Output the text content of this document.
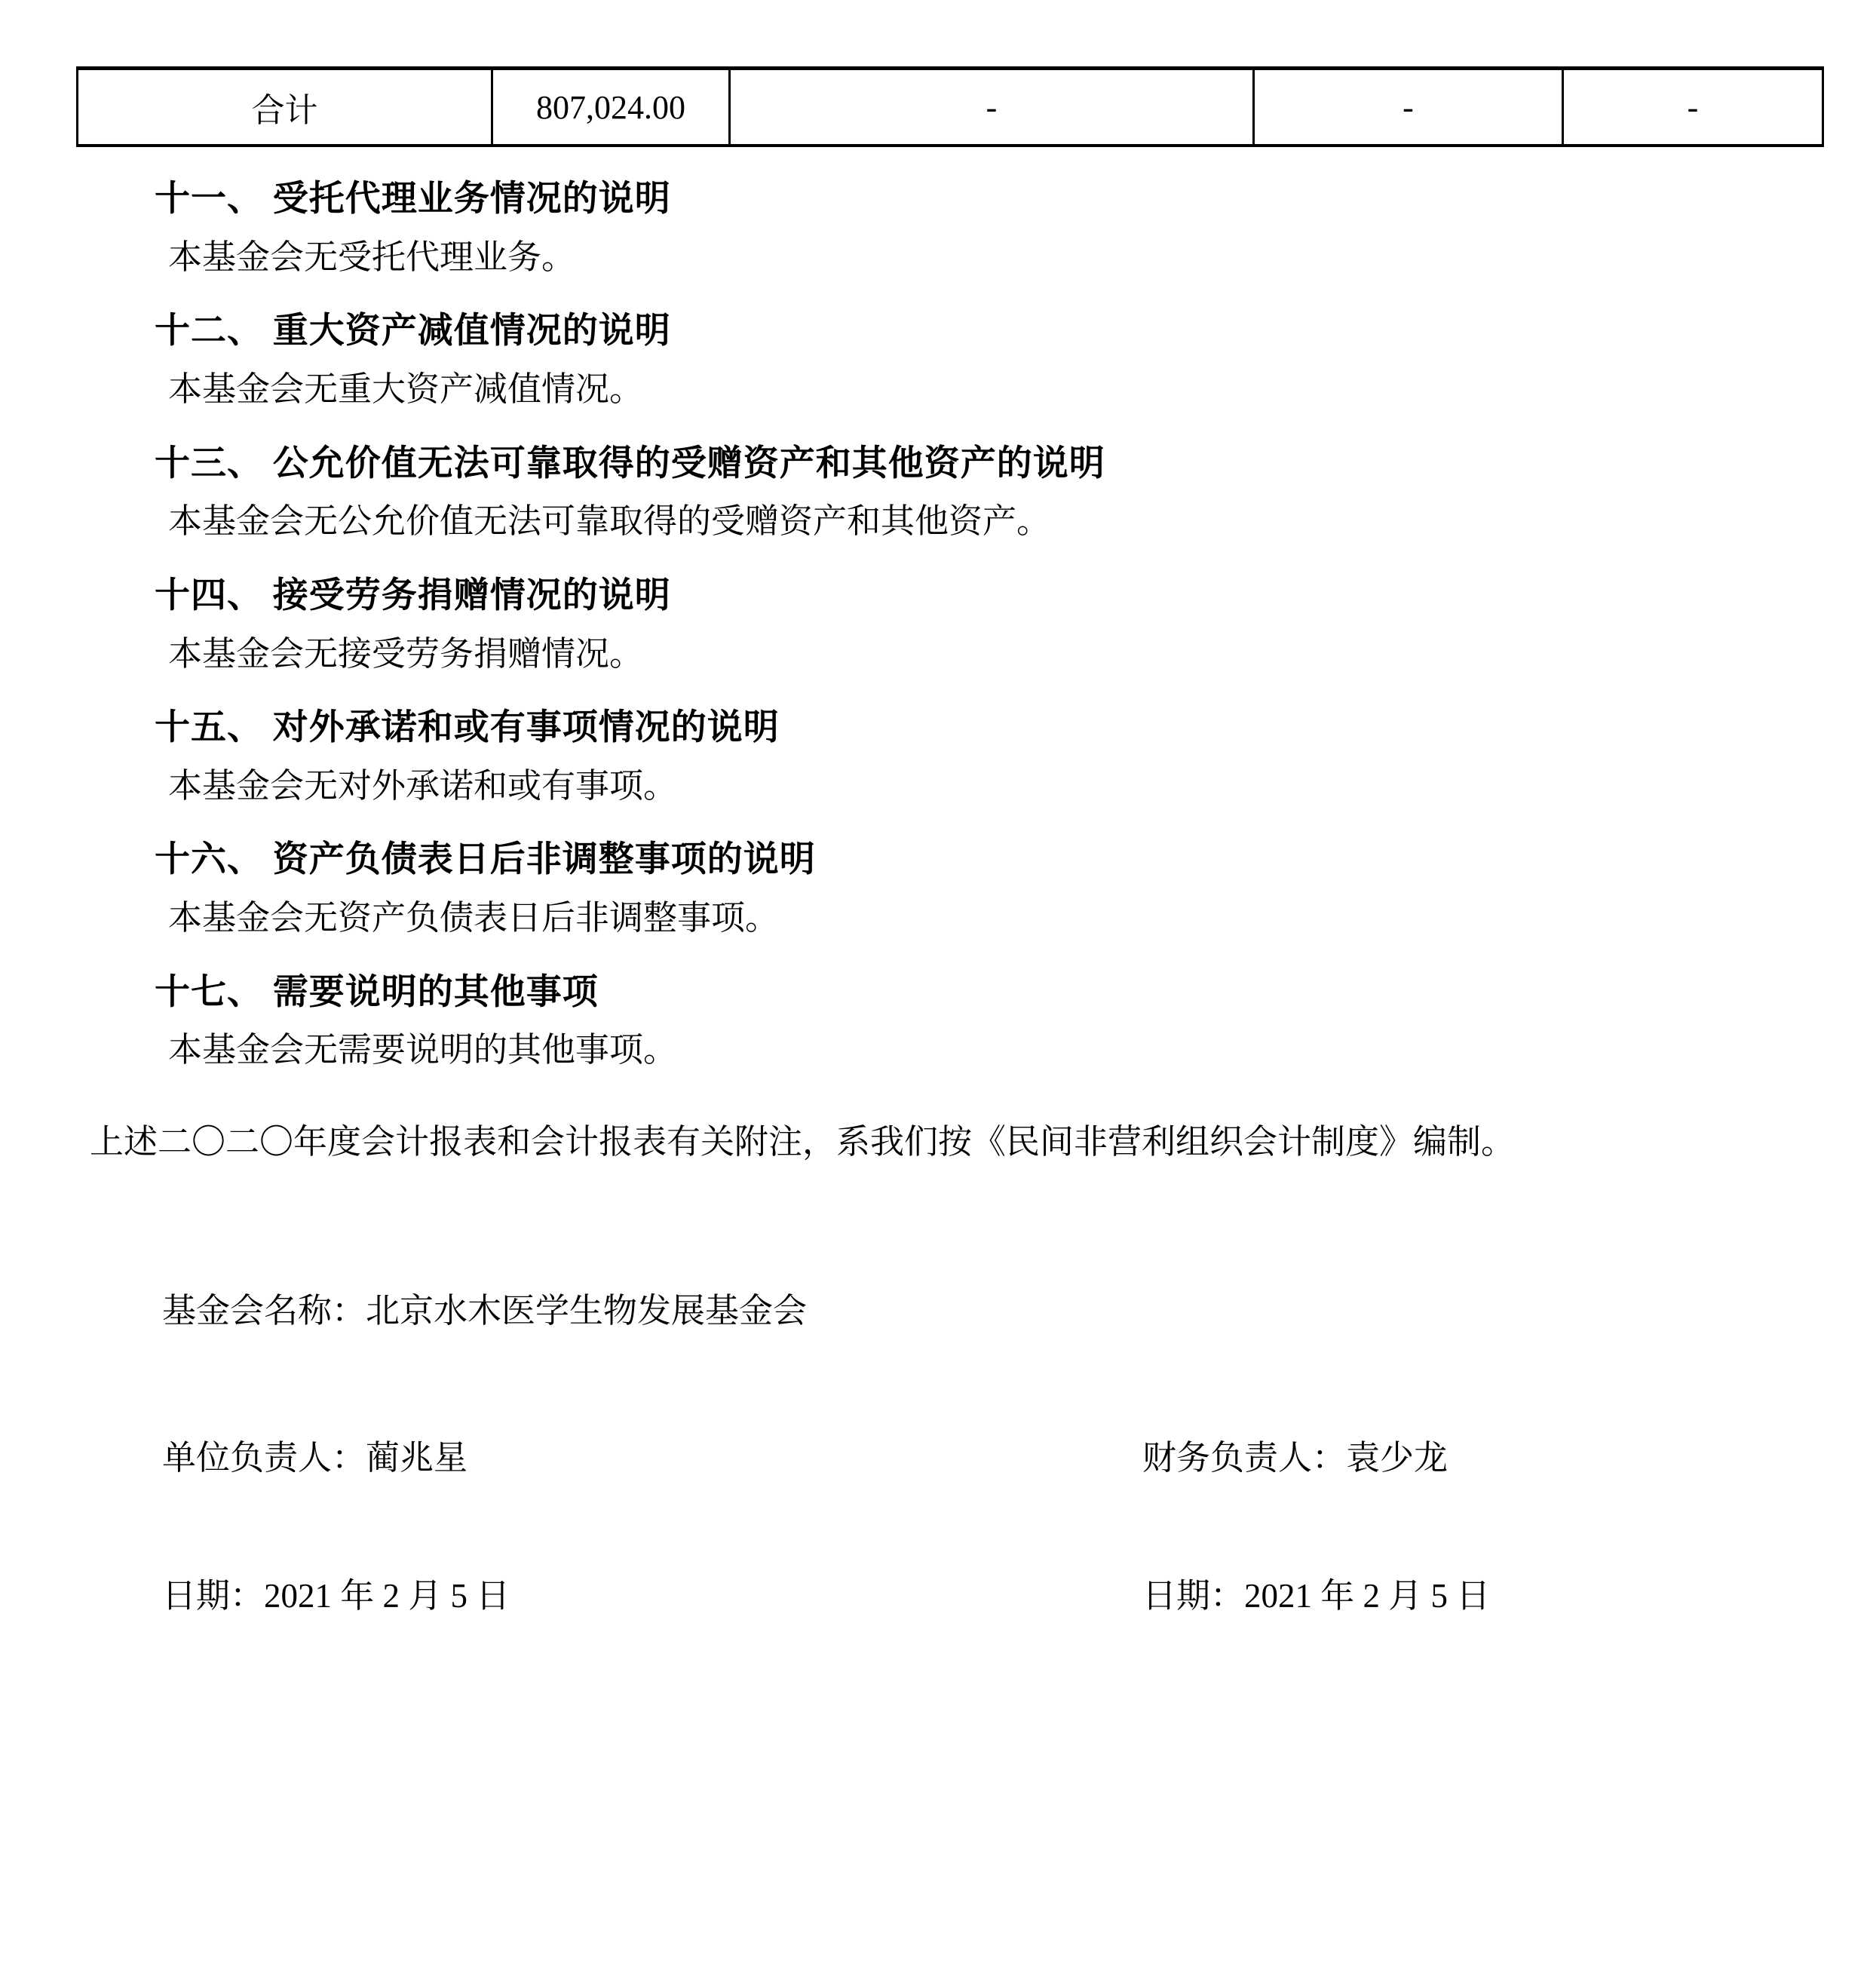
合计	807,024.00	-	-	-
十一、 受托代理业务情况的说明
本基金会无受托代理业务。
十二、 重大资产减值情况的说明
本基金会无重大资产减值情况。
十三、 公允价值无法可靠取得的受赠资产和其他资产的说明
本基金会无公允价值无法可靠取得的受赠资产和其他资产。
十四、 接受劳务捐赠情况的说明
本基金会无接受劳务捐赠情况。
十五、 对外承诺和或有事项情况的说明
本基金会无对外承诺和或有事项。
十六、 资产负债表日后非调整事项的说明
本基金会无资产负债表日后非调整事项。
十七、 需要说明的其他事项
本基金会无需要说明的其他事项。
上述二〇二〇年度会计报表和会计报表有关附注，系我们按《民间非营利组织会计制度》编制。
基金会名称：北京水木医学生物发展基金会
单位负责人：蔺兆星	财务负责人：袁少龙
日期：2021 年 2 月 5 日	日期：2021 年 2 月 5 日
